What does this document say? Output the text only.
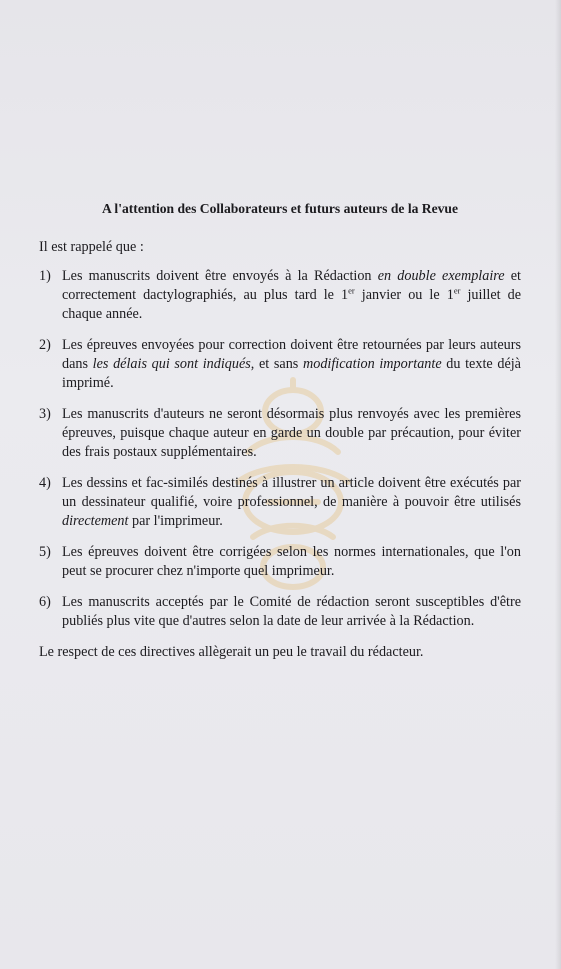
A l'attention des Collaborateurs et futurs auteurs de la Revue

Il est rappelé que :

1) Les manuscrits doivent être envoyés à la Rédaction en double exemplaire et correctement dactylographiés, au plus tard le 1er janvier ou le 1er juillet de chaque année.
2) Les épreuves envoyées pour correction doivent être retournées par leurs auteurs dans les délais qui sont indiqués, et sans modification importante du texte déjà imprimé.
3) Les manuscrits d'auteurs ne seront désormais plus renvoyés avec les premières épreuves, puisque chaque auteur en garde un double par précaution, pour éviter des frais postaux supplémentaires.
4) Les dessins et fac-similés destinés à illustrer un article doivent être exécutés par un dessinateur qualifié, voire professionnel, de manière à pouvoir être utilisés directement par l'imprimeur.
5) Les épreuves doivent être corrigées selon les normes internationales, que l'on peut se procurer chez n'importe quel imprimeur.
6) Les manuscrits acceptés par le Comité de rédaction seront susceptibles d'être publiés plus vite que d'autres selon la date de leur arrivée à la Rédaction.

Le respect de ces directives allègerait un peu le travail du rédacteur.
